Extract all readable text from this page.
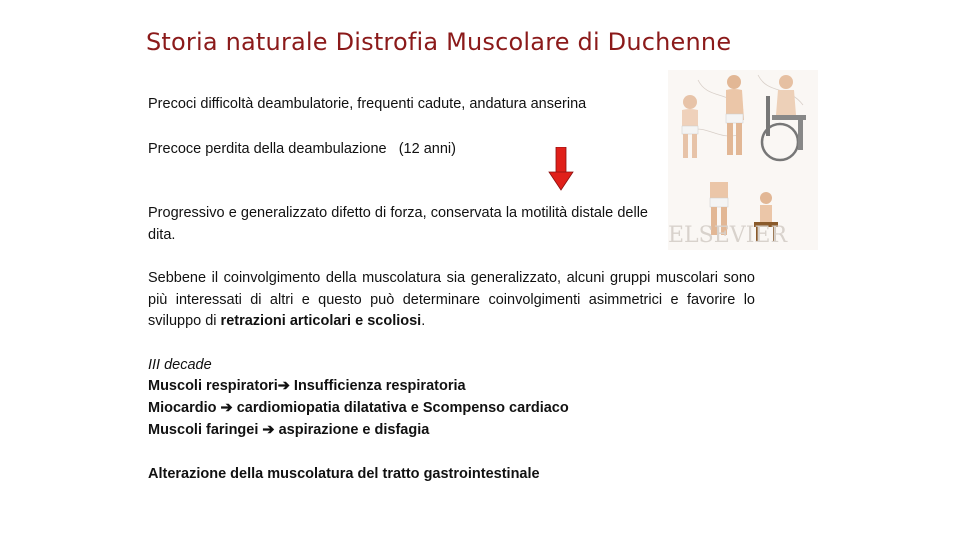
Storia naturale Distrofia Muscolare di Duchenne
Precoci difficoltà deambulatorie, frequenti cadute, andatura anserina
Precoce perdita della deambulazione (12 anni)
Progressivo e generalizzato difetto di forza, conservata la motilità distale delle dita.
Sebbene il coinvolgimento della muscolatura sia generalizzato, alcuni gruppi muscolari sono più interessati di altri e questo può determinare coinvolgimenti asimmetrici e favorire lo sviluppo di retrazioni articolari e scoliosi.
III decade
Muscoli respiratori➔ Insufficienza respiratoria
Miocardio ➔ cardiomiopatia dilatativa e Scompenso cardiaco
Muscoli faringei ➔ aspirazione e disfagia
Alterazione della muscolatura del tratto gastrointestinale
ELSEVIER
